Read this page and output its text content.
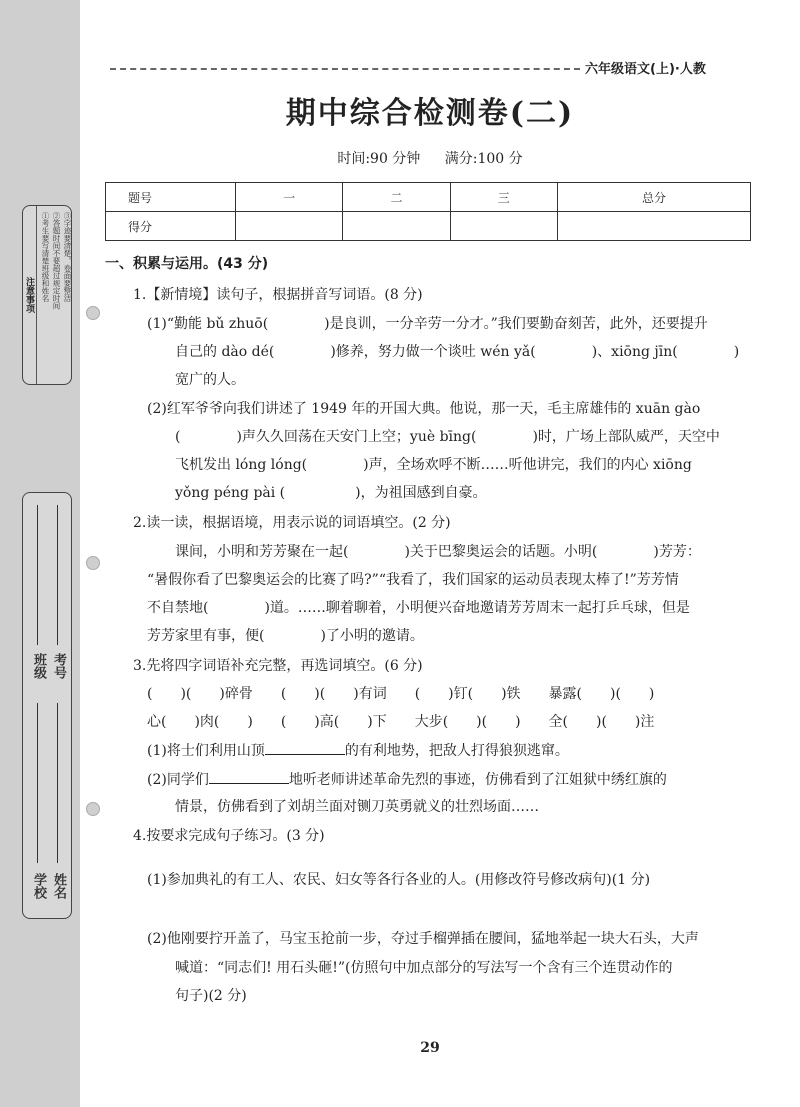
注意事项 ①考生要写清楚班级和姓名 ②答题时间不要超过规定时间 ③字迹要清楚，卷面要整洁
班级 考号
学校 姓名
六年级语文(上)·人教
期中综合检测卷(二)
时间:90 分钟 满分:100 分
题号	一	二	三	总分
得分				
一、积累与运用。(43 分)
1.【新情境】读句子，根据拼音写词语。(8 分)
(1)“勤能 bǔ zhuō(　　　　)是良训，一分辛劳一分才。”我们要勤奋刻苦，此外，还要提升
自己的 dào dé(　　　　)修养，努力做一个谈吐 wén yǎ(　　　　)、xiōng jīn(　　　　)
宽广的人。
(2)红军爷爷向我们讲述了 1949 年的开国大典。他说，那一天，毛主席雄伟的 xuān gào
(　　　　)声久久回荡在天安门上空；yuè bīng(　　　　)时，广场上部队威严，天空中
飞机发出 lóng lóng(　　　　)声，全场欢呼不断……听他讲完，我们的内心 xiōng
yǒng péng pài (　　　　　)，为祖国感到自豪。
2.读一读，根据语境，用表示说的词语填空。(2 分)
课间，小明和芳芳聚在一起(　　　　)关于巴黎奥运会的话题。小明(　　　　)芳芳：
“暑假你看了巴黎奥运会的比赛了吗?”“我看了，我们国家的运动员表现太棒了!”芳芳情
不自禁地(　　　　)道。……聊着聊着，小明便兴奋地邀请芳芳周末一起打乒乓球，但是
芳芳家里有事，便(　　　　)了小明的邀请。
3.先将四字词语补充完整，再选词填空。(6 分)
(　　)(　　)碎骨　　(　　)(　　)有词　　(　　)钉(　　)铁　　暴露(　　)(　　)
心(　　)肉(　　)　　(　　)高(　　)下　　大步(　　)(　　)　　全(　　)(　　)注
(1)将士们利用山顶	的有利地势，把敌人打得狼狈逃窜。
(2)同学们	地听老师讲述革命先烈的事迹，仿佛看到了江姐狱中绣红旗的
情景，仿佛看到了刘胡兰面对铡刀英勇就义的壮烈场面……
4.按要求完成句子练习。(3 分)
(1)参加典礼的有工人、农民、妇女等各行各业的人。(用修改符号修改病句)(1 分)
(2)他刚要拧开盖了，马宝玉抢前一步，夺过手榴弹插在腰间，猛地举起一块大石头，大声
喊道：“同志们! 用石头砸!”(仿照句中加点部分的写法写一个含有三个连贯动作的
句子)(2 分)
29
